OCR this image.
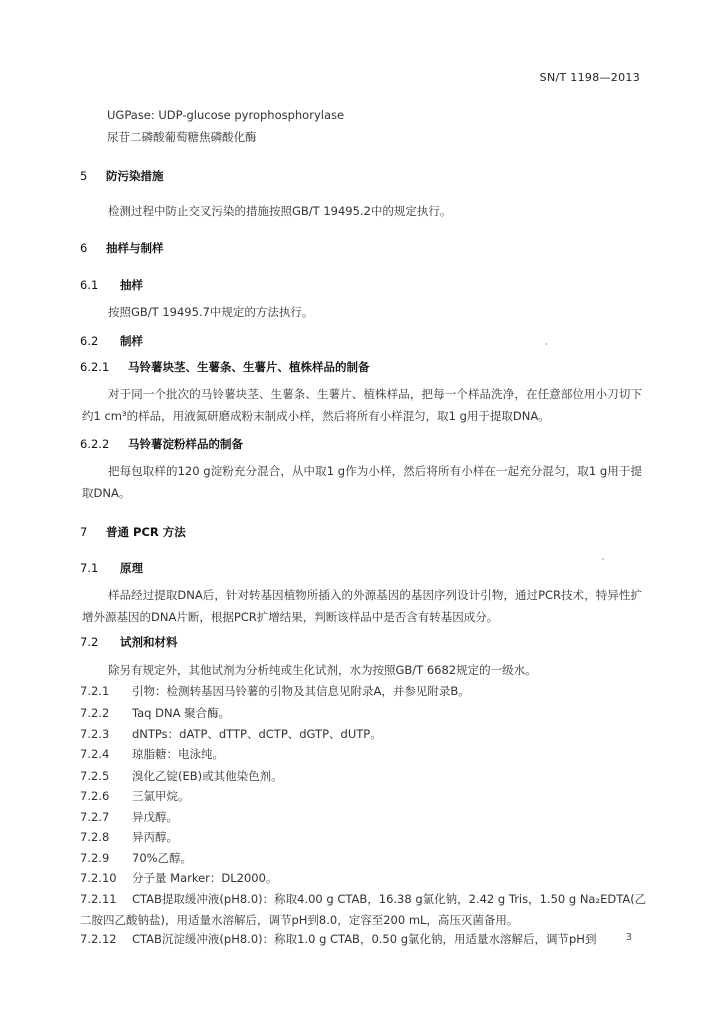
SN/T 1198—2013
UGPase: UDP-glucose pyrophosphorylase
尿苷二磷酸葡萄糖焦磷酸化酶
5 防污染措施
检测过程中防止交叉污染的措施按照GB/T 19495.2中的规定执行。
6 抽样与制样
6.1 抽样
按照GB/T 19495.7中规定的方法执行。
6.2 制样
6.2.1 马铃薯块茎、生薯条、生薯片、植株样品的制备
对于同一个批次的马铃薯块茎、生薯条、生薯片、植株样品，把每一个样品洗净，在任意部位用小刀切下约1 cm³的样品，用液氮研磨成粉末制成小样，然后将所有小样混匀，取1 g用于提取DNA。
6.2.2 马铃薯淀粉样品的制备
把每包取样的120 g淀粉充分混合，从中取1 g作为小样，然后将所有小样在一起充分混匀，取1 g用于提取DNA。
7 普通 PCR 方法
7.1 原理
样品经过提取DNA后，针对转基因植物所插入的外源基因的基因序列设计引物，通过PCR技术，特异性扩增外源基因的DNA片断，根据PCR扩增结果，判断该样品中是否含有转基因成分。
7.2 试剂和材料
除另有规定外，其他试剂为分析纯或生化试剂，水为按照GB/T 6682规定的一级水。
7.2.1 引物：检测转基因马铃薯的引物及其信息见附录A，并参见附录B。
7.2.2 Taq DNA 聚合酶。
7.2.3 dNTPs：dATP、dTTP、dCTP、dGTP、dUTP。
7.2.4 琼脂糖：电泳纯。
7.2.5 溴化乙锭(EB)或其他染色剂。
7.2.6 三氯甲烷。
7.2.7 异戊醇。
7.2.8 异丙醇。
7.2.9 70%乙醇。
7.2.10 分子量 Marker：DL2000。
7.2.11 CTAB提取缓冲液(pH8.0)：称取4.00 g CTAB，16.38 g氯化钠，2.42 g Tris，1.50 g Na₂EDTA(乙二胺四乙酸钠盐)，用适量水溶解后，调节pH到8.0，定容至200 mL，高压灭菌备用。
7.2.12 CTAB沉淀缓冲液(pH8.0)：称取1.0 g CTAB，0.50 g氯化钠，用适量水溶解后，调节pH到	3
